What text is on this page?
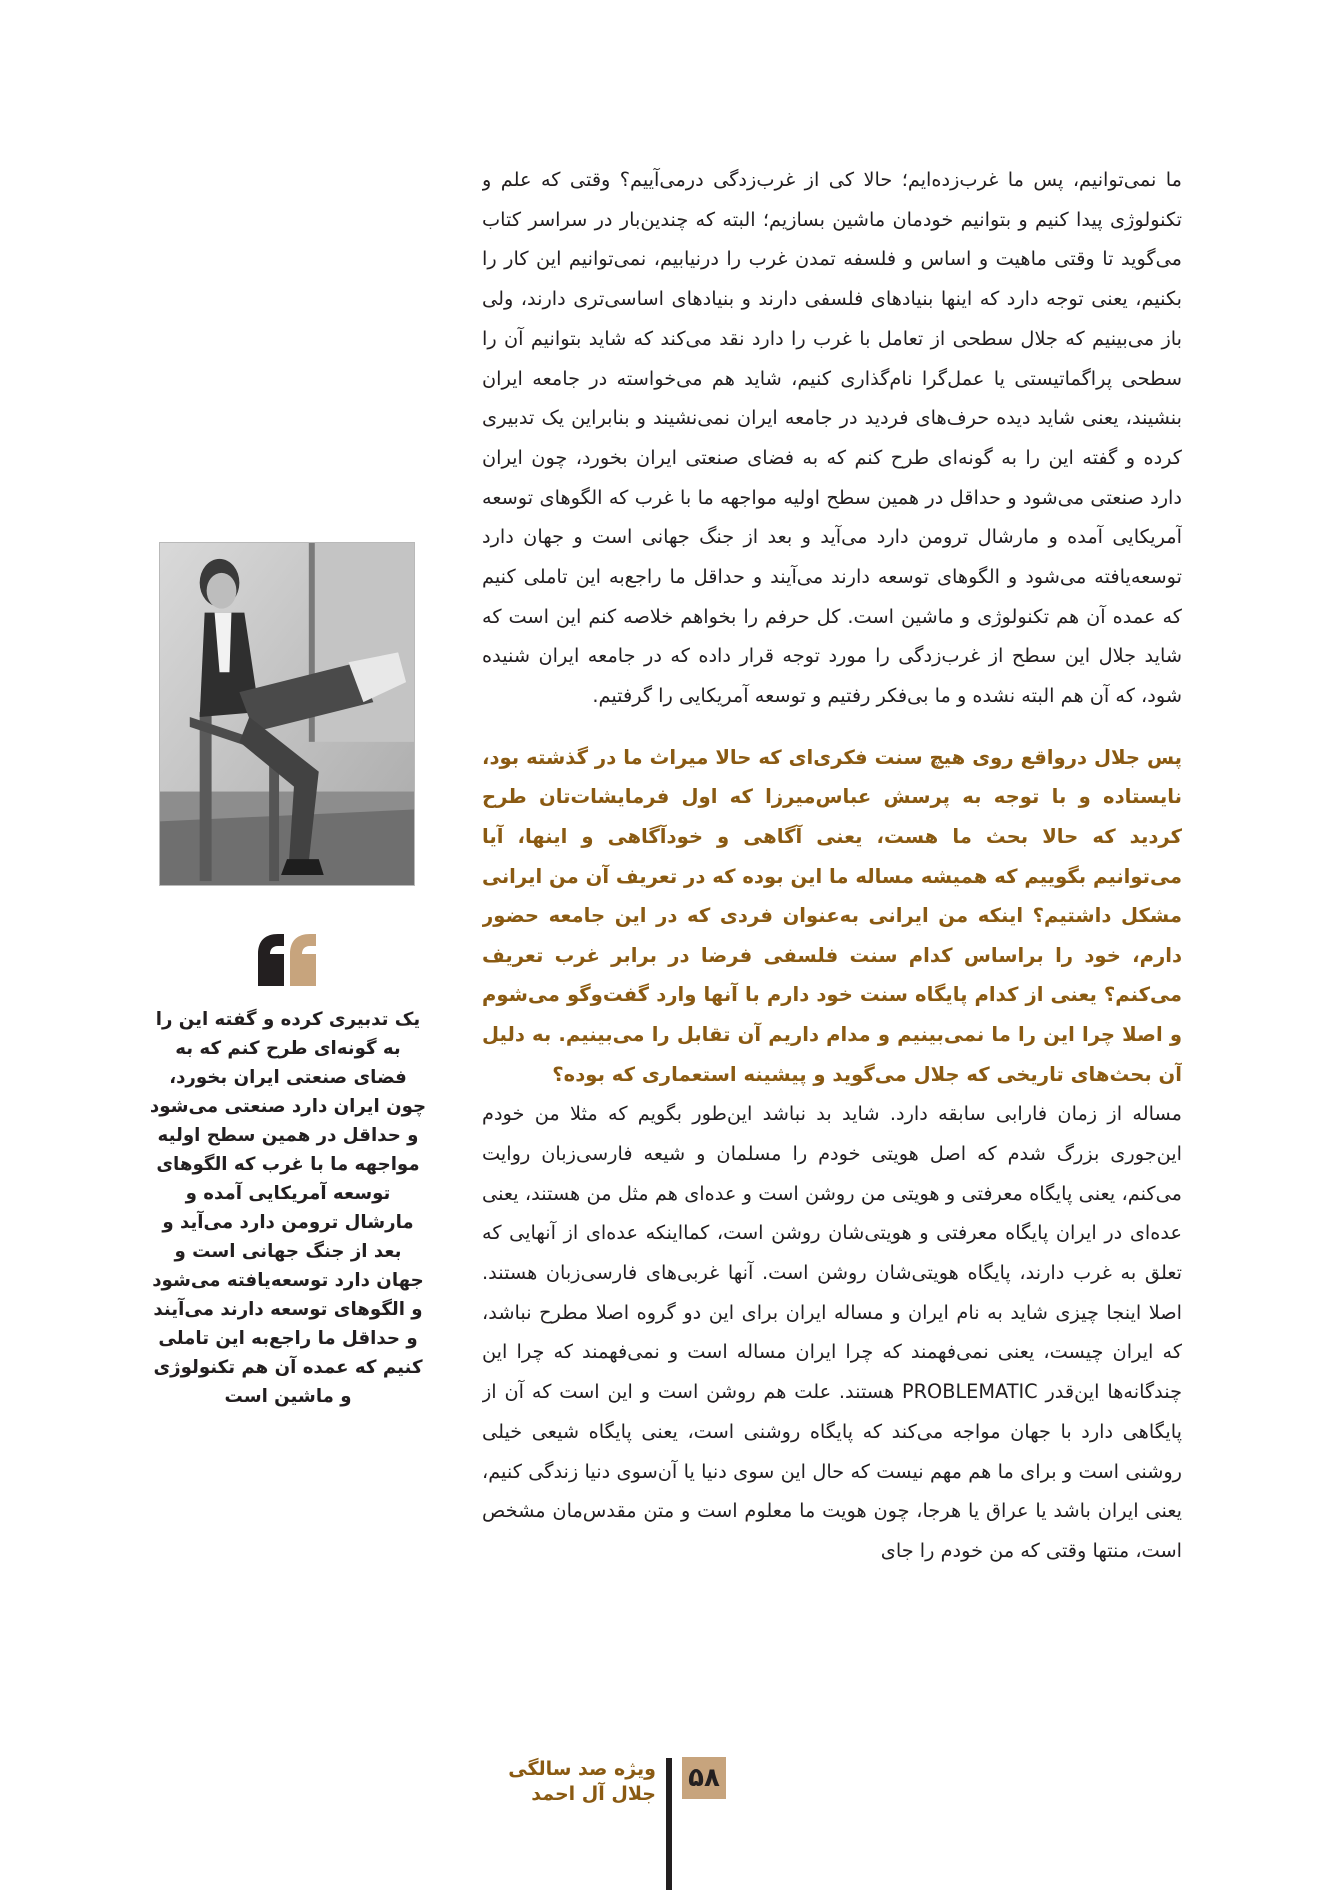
ما نمی‌توانیم، پس ما غرب‌زده‌ایم؛ حالا کی از غرب‌زدگی درمی‌آییم؟ وقتی که علم و تکنولوژی پیدا کنیم و بتوانیم خودمان ماشین بسازیم؛ البته که چندین‌بار در سراسر کتاب می‌گوید تا وقتی ماهیت و اساس و فلسفه تمدن غرب را درنیابیم، نمی‌توانیم این کار را بکنیم، یعنی توجه دارد که اینها بنیادهای فلسفی دارند و بنیادهای اساسی‌تری دارند، ولی باز می‌بینیم که جلال سطحی از تعامل با غرب را دارد نقد می‌کند که شاید بتوانیم آن را سطحی پراگماتیستی یا عمل‌گرا نام‌گذاری کنیم، شاید هم می‌خواسته در جامعه ایران بنشیند، یعنی شاید دیده حرف‌های فردید در جامعه ایران نمی‌نشیند و بنابراین یک تدبیری کرده و گفته این را به گونه‌ای طرح کنم که به فضای صنعتی ایران بخورد، چون ایران دارد صنعتی می‌شود و حداقل در همین سطح اولیه مواجهه ما با غرب که الگوهای توسعه آمریکایی آمده و مارشال ترومن دارد می‌آید و بعد از جنگ جهانی است و جهان دارد توسعه‌یافته می‌شود و الگوهای توسعه دارند می‌آیند و حداقل ما راجع‌به این تاملی کنیم که عمده آن هم تکنولوژی و ماشین است. کل حرفم را بخواهم خلاصه کنم این است که شاید جلال این سطح از غرب‌زدگی را مورد توجه قرار داده که در جامعه ایران شنیده شود، که آن هم البته نشده و ما بی‌فکر رفتیم و توسعه آمریکایی را گرفتیم.

پس جلال درواقع روی هیچ سنت فکری‌ای که حالا میراث ما در گذشته بود، نایستاده و با توجه به پرسش عباس‌میرزا که اول فرمایشات‌تان طرح کردید که حالا بحث ما هست، یعنی آگاهی و خودآگاهی و اینها، آیا می‌توانیم بگوییم که همیشه مساله ما این بوده که در تعریف آن من ایرانی مشکل داشتیم؟ اینکه من ایرانی به‌عنوان فردی که در این جامعه حضور دارم، خود را براساس کدام سنت فلسفی فرضا در برابر غرب تعریف می‌کنم؟ یعنی از کدام پایگاه سنت خود دارم با آنها وارد گفت‌وگو می‌شوم و اصلا چرا این را ما نمی‌بینیم و مدام داریم آن تقابل را می‌بینیم. به دلیل آن بحث‌های تاریخی که جلال می‌گوید و پیشینه استعماری که بوده؟

مساله از زمان فارابی سابقه دارد. شاید بد نباشد این‌طور بگویم که مثلا من خودم این‌جوری بزرگ شدم که اصل هویتی خودم را مسلمان و شیعه فارسی‌زبان روایت می‌کنم، یعنی پایگاه معرفتی و هویتی من روشن است و عده‌ای هم مثل من هستند، یعنی عده‌ای در ایران پایگاه معرفتی و هویتی‌شان روشن است، کمااینکه عده‌ای از آنهایی که تعلق به غرب دارند، پایگاه هویتی‌شان روشن است. آنها غربی‌های فارسی‌زبان هستند. اصلا اینجا چیزی شاید به نام ایران و مساله ایران برای این دو گروه اصلا مطرح نباشد، که ایران چیست، یعنی نمی‌فهمند که چرا ایران مساله است و نمی‌فهمند که چرا این چندگانه‌ها این‌قدر PROBLEMATIC هستند. علت هم روشن است و این است که آن از پایگاهی دارد با جهان مواجه می‌کند که پایگاه روشنی است، یعنی پایگاه شیعی خیلی روشنی است و برای ما هم مهم نیست که حال این سوی دنیا یا آن‌سوی دنیا زندگی کنیم، یعنی ایران باشد یا عراق یا هرجا، چون هویت ما معلوم است و متن مقدس‌مان مشخص است، منتها وقتی که من خودم را جای

یک تدبیری کرده و گفته این را به گونه‌ای طرح کنم که به فضای صنعتی ایران بخورد، چون ایران دارد صنعتی می‌شود و حداقل در همین سطح اولیه مواجهه ما با غرب که الگوهای توسعه آمریکایی آمده و مارشال ترومن دارد می‌آید و بعد از جنگ جهانی است و جهان دارد توسعه‌یافته می‌شود و الگوهای توسعه دارند می‌آیند و حداقل ما راجع‌به این تاملی کنیم که عمده آن هم تکنولوژی و ماشین است

۵۸
ویژه صد سالگی
جلال آل احمد
